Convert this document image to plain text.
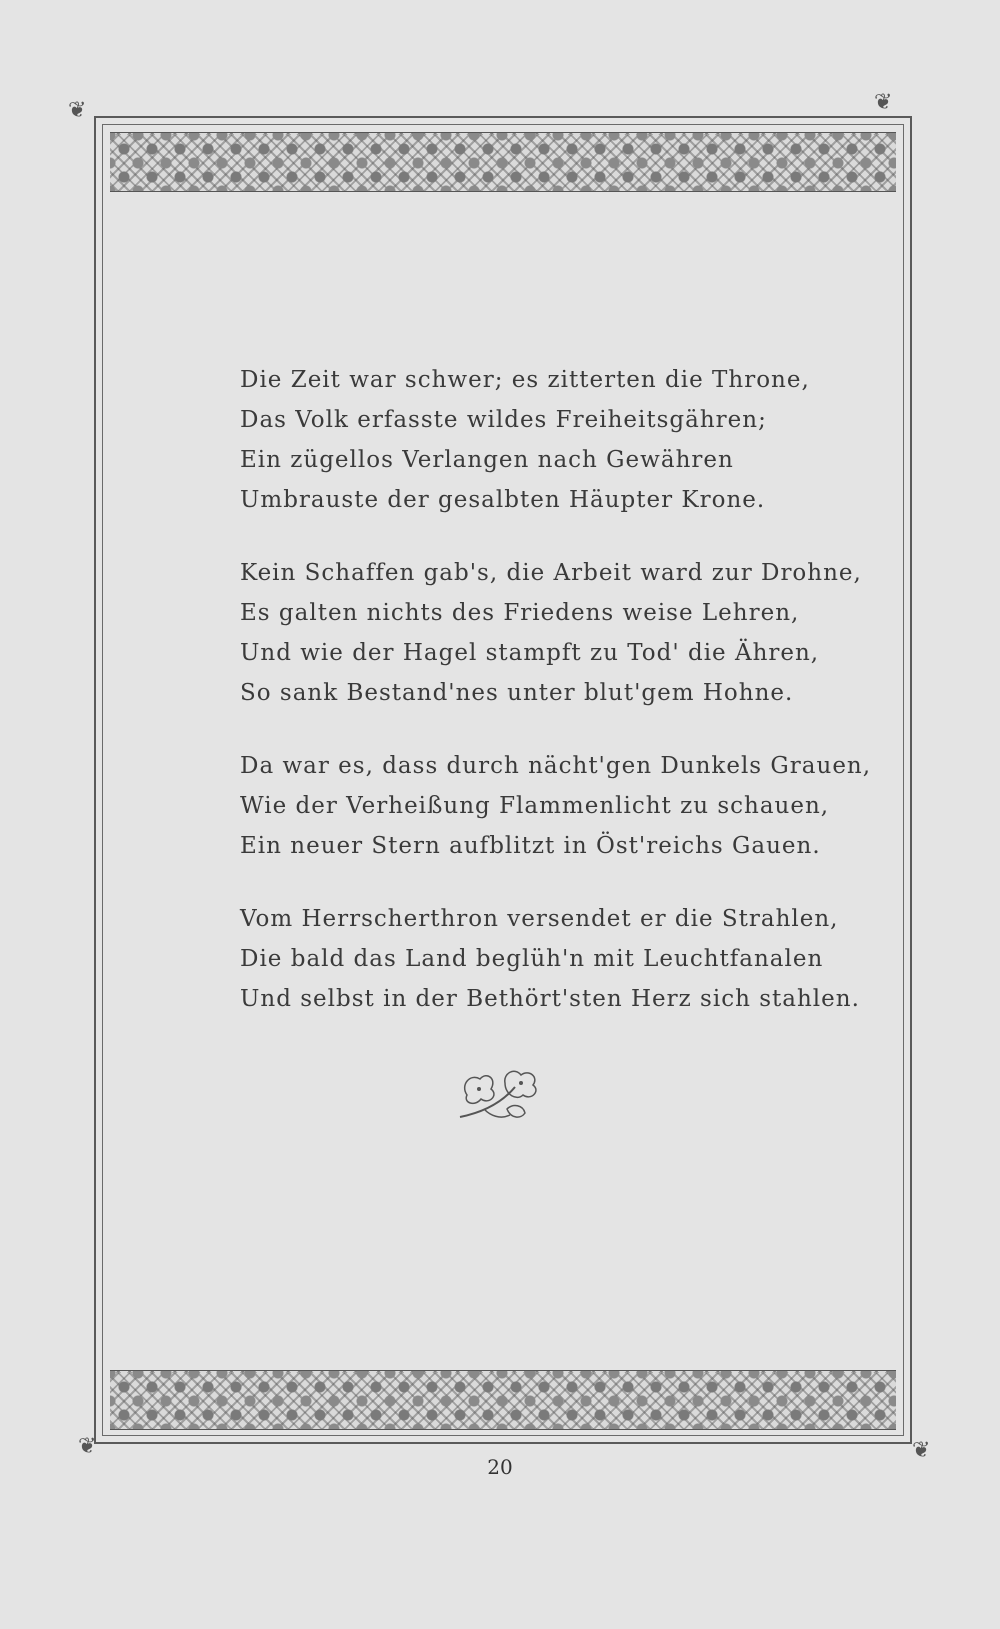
❦	❦
❦	❦
Die Zeit war schwer; es zitterten die Throne,
Das Volk erfasste wildes Freiheitsgähren;
Ein zügellos Verlangen nach Gewähren
Umbrauste der gesalbten Häupter Krone.
Kein Schaffen gab's, die Arbeit ward zur Drohne,
Es galten nichts des Friedens weise Lehren,
Und wie der Hagel stampft zu Tod' die Ähren,
So sank Bestand'nes unter blut'gem Hohne.
Da war es, dass durch nächt'gen Dunkels Grauen,
Wie der Verheißung Flammenlicht zu schauen,
Ein neuer Stern aufblitzt in Öst'reichs Gauen.
Vom Herrscherthron versendet er die Strahlen,
Die bald das Land beglüh'n mit Leuchtfanalen
Und selbst in der Bethört'sten Herz sich stahlen.
20
